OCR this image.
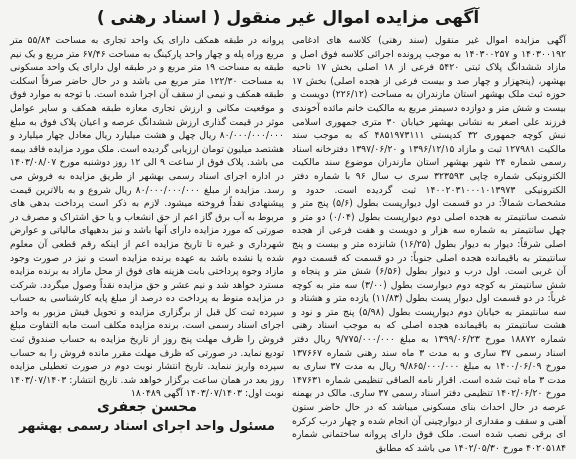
آگهی مزایده اموال غیر منقول ( اسناد رهنی )

آگهی مزایده اموال غیر منقول (سند رهنی) کلاسه های ادغامی ۱۴۰۳۰۰۱۹۲ و ۱۴۰۳۰۰۲۵۷ به موجب پرونده اجرائی کلاسه فوق اصل و مازاد ششدانگ پلاک ثبتی ۵۴۲۰ فرعی از ۱۸ اصلی بخش ۱۷ ناحیه بهشهر، (پنجهزار و چهار صد و بیست فرعی از هجده اصلی) بخش ۱۷ حوزه ثبت ملک بهشهر استان مازندران به مساحت (۲۲۶/۱۲) دویست و بیست و شش متر و دوازده دسیمتر مربع به مالکیت خانم مائده آخوندی فرزند علی اصغر به نشانی بهشهر خیابان ۳۰ متری جمهوری اسلامی نبش کوچه جمهوری ۳۲ کدپستی ۴۸۵۱۹۷۳۱۱۱ که به موجب سند مالکیت ۱۲۷۹۸۱ ثبت و مازاد ۱۳۹۶/۱۲/۱۵ و ۱۳۹۷/۰۶/۲۰ دفترخانه اسناد رسمی شماره ۲۴ شهر بهشهر استان مازندران موضوع سند مالکیت الکترونیکی شماره چاپی ۳۲۳۵۹۳ سری ب سال ۹۶ با شماره دفتر الکترونیکی ۱۴۰۰۲۰۳۱۰۰۰۱۰۱۳۹۷۳ ثبت گردیده است. حدود و مشخصات شمالاً: در دو قسمت اول دیوارپست بطول (۵/۶) پنج متر و شصت سانتیمتر به هجده اصلی دوم دیوارپست بطول (۰/۰۴) دو متر و چهل سانتیمتر به شماره سه هزار و دویست و هفت فرعی از هجده اصلی شرقاً: دیوار به دیوار بطول (۱۶/۲۵) شانزده متر و بیست و پنج سانتیمتر به باقیمانده هجده اصلی جنوباً: در دو قسمت که قسمت دوم آن غربی است. اول درب و دیوار بطول (۶/۵۶) شش متر و پنجاه و شش سانتیمتر به کوچه دوم دیوارست بطول (۳/۰۰) سه متر به کوچه غرباً: در دو قسمت اول دیوار پست بطول (۱۱/۸۳) یازده متر و هشتاد و سه سانتیمتر به خیابان دوم دیوارپست بطول (۵/۹۸) پنج متر و نود و هشت سانتیمتر به باقیمانده هجده اصلی که به موجب اسناد رهنی شماره ۱۸۸۷۲ مورخ ۱۳۹۹/۰۶/۲۳ به مبلغ ۹/۷۷۵/۰۰۰/۰۰۰ ریال دفتر اسناد رسمی ۳۷ ساری و به مدت ۳ ماه سند رهنی شماره ۱۳۷۶۶۷ مورخ ۱۴۰۰/۰۶/۰۹ به مبلغ ۹/۸۶۵/۰۰۰/۰۰۰ ریال به مدت ۳۷ ساری به مدت ۳ ماه ثبت شده است. اقرار نامه الصاقی تنظیمی شماره ۱۴۷۶۳۱ مورخ ۱۴۰۲/۰۶/۲۰ تنظیمی دفتر اسناد رسمی ۳۷ ساری. مالک در بهمنه عرصه در حال احداث بنای مسکونی میباشد که در حال حاضر ستون آهنی و سقف و مقداری از دیوارچینی آن انجام شده و چهار درب کرکره ای برقی نصب شده است. ملک فوق دارای پروانه ساختمانی شماره ۴۰۲۰۵۱۸۴ مورخ ۱۴۰۲/۰۵/۳۰ می باشد که مطابق

پروانه در طبقه همکف دارای یک واحد تجاری به مساحت ۵۵/۸۴ متر مربع وراه پله و چهار واحد پارکینگ به مساحت ۶۷/۴۶ متر مربع و یک نیم طبقه به مساحت ۱۹ متر مربع و در طبقه اول دارای یک واحد مسکونی به مساحت ۱۲۲/۳۰ متر مربع می باشد و در حال حاضر صرفاً اسکلت طبقه همکف و نیمی از سقف آن اجرا شده است. با توجه به موارد فوق و موقعیت مکانی و ارزش تجاری معازه طبقه همکف و سایر عوامل موثر در قیمت گذاری ارزش ششدانگ عرصه و اعیان پلاک فوق به مبلغ ۸۰/۰۰۰/۰۰۰/۰۰۰ ریال چهل و هشت میلیارد ریال معادل چهار میلیارد و هشتصد میلیون تومان ارزیابی گردیده است. ملک مورد مزایده فاقد بیمه می باشد. پلاک فوق از ساعت ۹ الی ۱۲ روز دوشنبه مورخ ۱۴۰۳/۰۸/۰۷ در اداره اجرای اسناد رسمی بهشهر از طریق مزایده به فروش می رسد. مزایده از مبلغ ۸۰/۰۰۰/۰۰۰/۰۰۰ ریال شروع و به بالاترین قیمت پیشنهادی نقداً فروخته میشود. لازم به ذکر است پرداخت بدهی های مربوط به آب برق گاز اعم از حق انشعاب و یا حق اشتراک و مصرف در صورتی که مورد مزایده دارای آنها باشد و نیز بدهیهای مالیاتی و عوارض شهرداری و غیره تا تاریخ مزایده اعم از اینکه رقم قطعی آن معلوم شده یا نشده باشد به عهده برنده مزایده است و نیز در صورت وجود مازاد وجوه پرداختی بابت هزینه های فوق از محل مازاد به برنده مزایده مسترد خواهد شد و نیم عشر و حق مزایده نقداً وصول میگردد. شرکت در مزایده منوط به پرداخت ده درصد از مبلغ پایه کارشناسی به حساب سپرده ثبت کل قبل از برگزاری مزایده و تحویل فیش مزبور به واحد اجرای اسناد رسمی است. برنده مزایده مکلف است مابه التفاوت مبلغ فروش را ظرف مهلت پنج روز از تاریخ مزایده به حساب صندوق ثبت تودیع نماید. در صورتی که ظرف مهلت مقرر مانده فروش را به حساب سپرده واریز ننماید. تاریخ انتشار نوبت دوم در صورت تعطیلی مزایده روز بعد در همان ساعت برگزار خواهد شد. تاریخ انتشار: ۱۴۰۳/۰۷/۱۴۰۳ نوبت اول: ۱۴۰۳/۰۷/۱۴۰۳ آگهی ۱۸۰۴۸۹

محسن جعفری
مسئول واحد اجرای اسناد رسمی بهشهر
